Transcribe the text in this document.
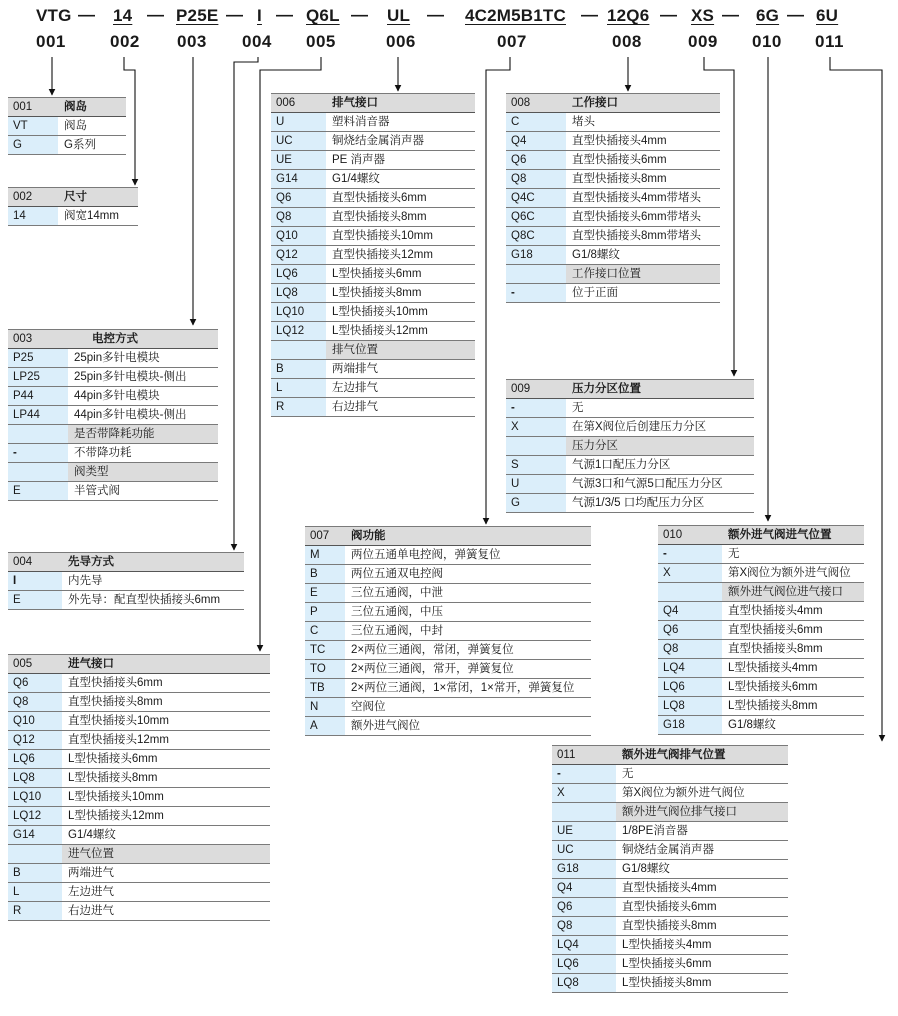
VTG — 14 — P25E — I — Q6L — UL — 4C2M5B1TC — 12Q6 — XS — 6G — 6U
001	002 003 004 005	006	007	008	009 010 011
001	阀岛
VT	阀岛
G	G系列
002	尺寸
14	阀宽14mm
003	电控方式
P25	25pin多针电模块
LP25	25pin多针电模块-侧出
P44	44pin多针电模块
LP44	44pin多针电模块-侧出
是否带降耗功能
-	不带降功耗
阀类型
E	半管式阀
004	先导方式
I	内先导
E	外先导：配直型快插接头6mm
005	进气接口
Q6	直型快插接头6mm
Q8	直型快插接头8mm
Q10	直型快插接头10mm
Q12	直型快插接头12mm
LQ6	L型快插接头6mm
LQ8	L型快插接头8mm
LQ10	L型快插接头10mm
LQ12	L型快插接头12mm
G14	G1/4螺纹
进气位置
B	两端进气
L	左边进气
R	右边进气
006	排气接口
U	塑料消音器
UC	铜烧结金属消声器
UE	PE 消声器
G14	G1/4螺纹
Q6	直型快插接头6mm
Q8	直型快插接头8mm
Q10	直型快插接头10mm
Q12	直型快插接头12mm
LQ6	L型快插接头6mm
LQ8	L型快插接头8mm
LQ10	L型快插接头10mm
LQ12	L型快插接头12mm
排气位置
B	两端排气
L	左边排气
R	右边排气
007	阀功能
M	两位五通单电控阀，弹簧复位
B	两位五通双电控阀
E	三位五通阀，中泄
P	三位五通阀，中压
C	三位五通阀，中封
TC	2×两位三通阀，常闭，弹簧复位
TO	2×两位三通阀，常开，弹簧复位
TB	2×两位三通阀，1×常闭，1×常开，弹簧复位
N	空阀位
A	额外进气阀位
008	工作接口
C	堵头
Q4	直型快插接头4mm
Q6	直型快插接头6mm
Q8	直型快插接头8mm
Q4C	直型快插接头4mm带堵头
Q6C	直型快插接头6mm带堵头
Q8C	直型快插接头8mm带堵头
G18	G1/8螺纹
工作接口位置
-	位于正面
009	压力分区位置
-	无
X	在第X阀位后创建压力分区
压力分区
S	气源1口配压力分区
U	气源3口和气源5口配压力分区
G	气源1/3/5 口均配压力分区
010	额外进气阀进气位置
-	无
X	第X阀位为额外进气阀位
额外进气阀位进气接口
Q4	直型快插接头4mm
Q6	直型快插接头6mm
Q8	直型快插接头8mm
LQ4	L型快插接头4mm
LQ6	L型快插接头6mm
LQ8	L型快插接头8mm
G18	G1/8螺纹
011	额外进气阀排气位置
-	无
X	第X阀位为额外进气阀位
额外进气阀位排气接口
UE	1/8PE消音器
UC	铜烧结金属消声器
G18	G1/8螺纹
Q4	直型快插接头4mm
Q6	直型快插接头6mm
Q8	直型快插接头8mm
LQ4	L型快插接头4mm
LQ6	L型快插接头6mm
LQ8	L型快插接头8mm
